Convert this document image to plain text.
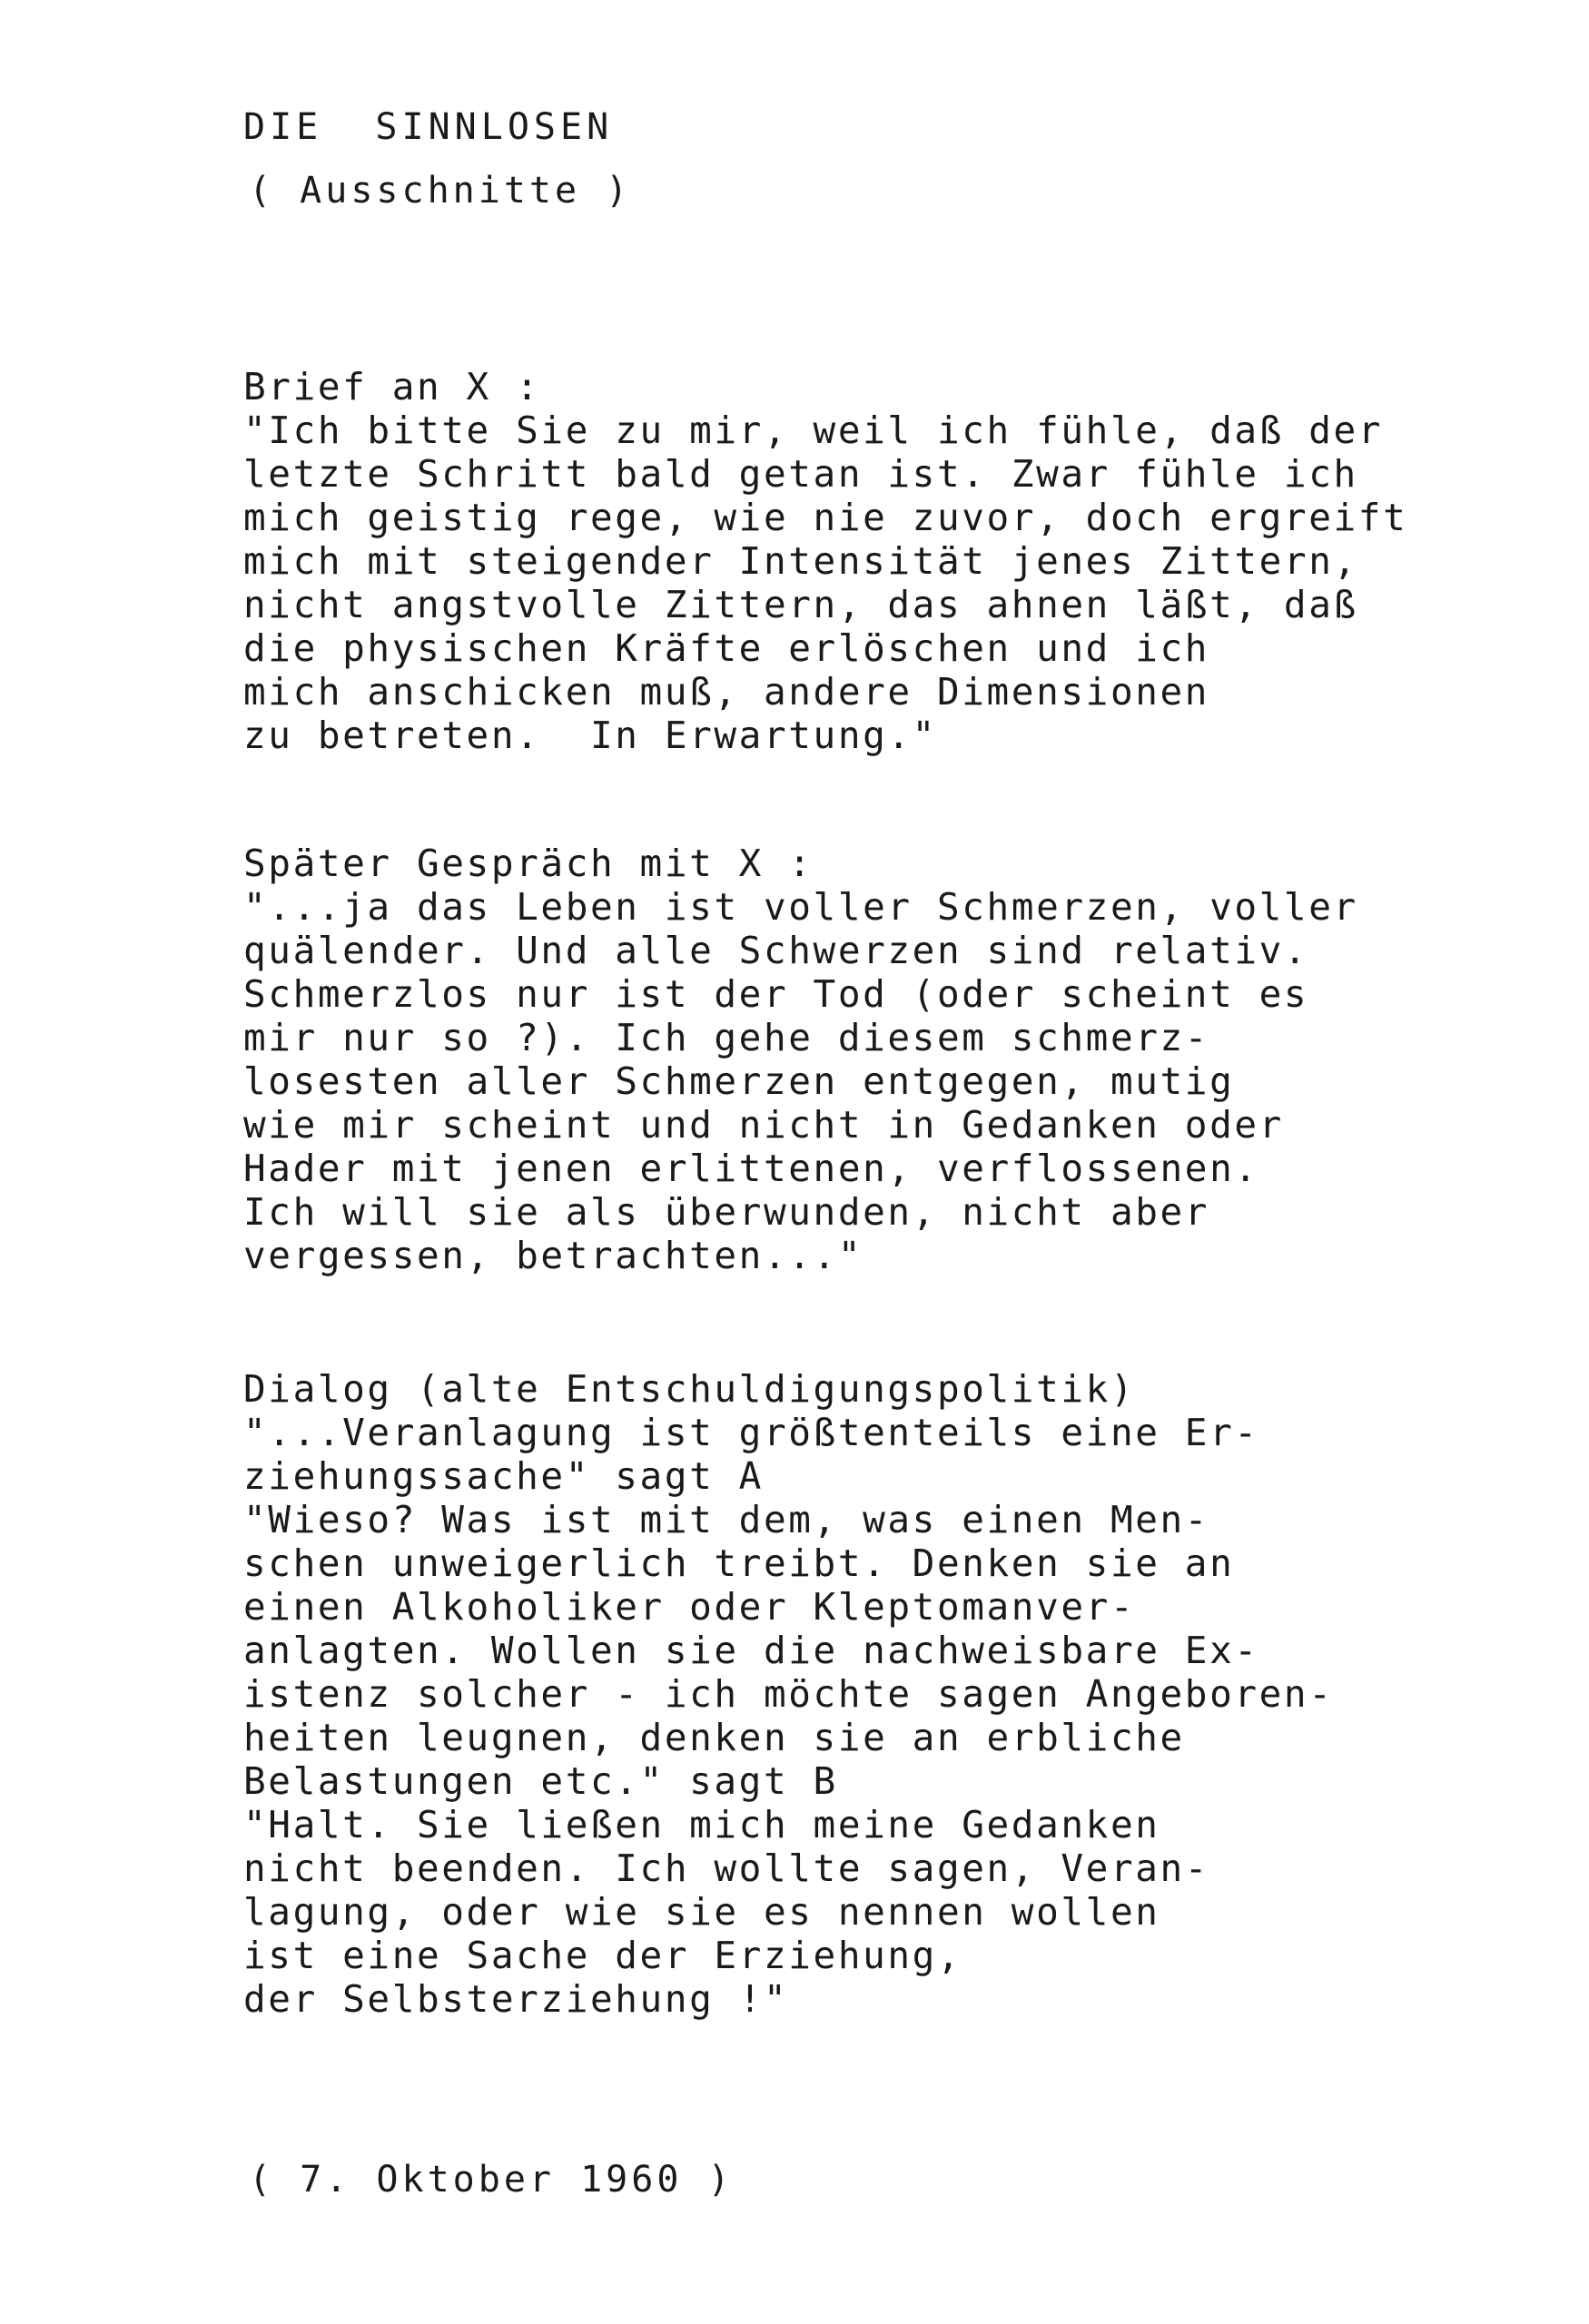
DIE  SINNLOSEN
( Ausschnitte )
Brief an X :
"Ich bitte Sie zu mir, weil ich fühle, daß der
letzte Schritt bald getan ist. Zwar fühle ich
mich geistig rege, wie nie zuvor, doch ergreift
mich mit steigender Intensität jenes Zittern,
nicht angstvolle Zittern, das ahnen läßt, daß
die physischen Kräfte erlöschen und ich
mich anschicken muß, andere Dimensionen
zu betreten.  In Erwartung."
Später Gespräch mit X :
"...ja das Leben ist voller Schmerzen, voller
quälender. Und alle Schwerzen sind relativ.
Schmerzlos nur ist der Tod (oder scheint es
mir nur so ?). Ich gehe diesem schmerz-
losesten aller Schmerzen entgegen, mutig
wie mir scheint und nicht in Gedanken oder
Hader mit jenen erlittenen, verflossenen.
Ich will sie als überwunden, nicht aber
vergessen, betrachten..."
Dialog (alte Entschuldigungspolitik)
"...Veranlagung ist größtenteils eine Er-
ziehungssache" sagt A
"Wieso? Was ist mit dem, was einen Men-
schen unweigerlich treibt. Denken sie an
einen Alkoholiker oder Kleptomanver-
anlagten. Wollen sie die nachweisbare Ex-
istenz solcher - ich möchte sagen Angeboren-
heiten leugnen, denken sie an erbliche
Belastungen etc." sagt B
"Halt. Sie ließen mich meine Gedanken
nicht beenden. Ich wollte sagen, Veran-
lagung, oder wie sie es nennen wollen
ist eine Sache der Erziehung,
der Selbsterziehung !"
( 7. Oktober 1960 )
